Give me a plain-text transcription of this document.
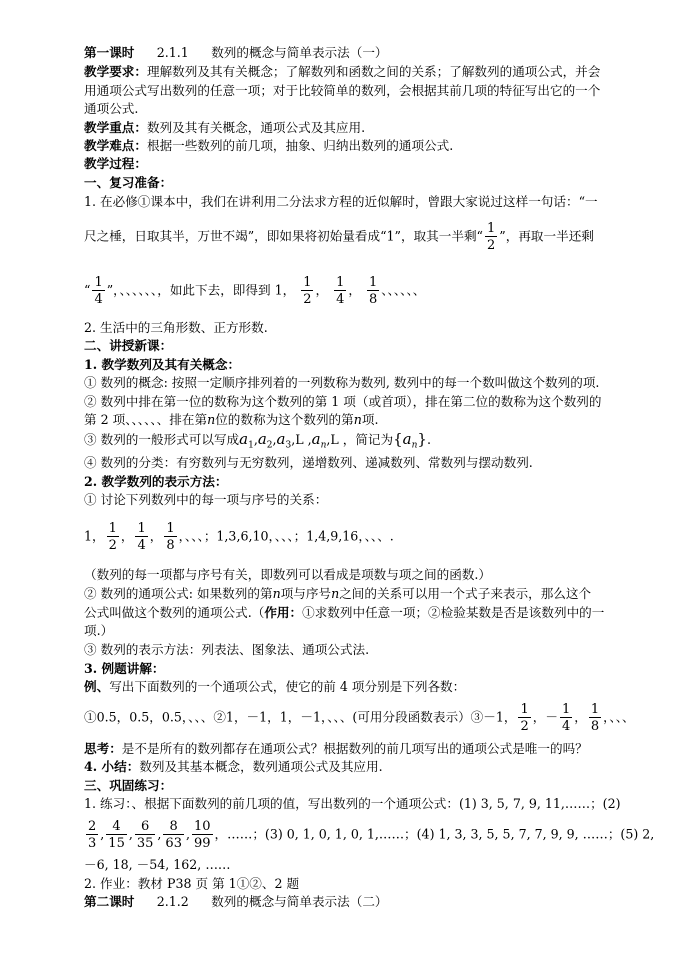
第一课时 2.1.1 数列的概念与简单表示法（一）
教学要求：理解数列及其有关概念；了解数列和函数之间的关系；了解数列的通项公式，并会
用通项公式写出数列的任意一项；对于比较简单的数列，会根据其前几项的特征写出它的一个
通项公式.
教学重点：数列及其有关概念，通项公式及其应用.
教学难点：根据一些数列的前几项，抽象、归纳出数列的通项公式.
教学过程：
一、复习准备：
1. 在必修①课本中，我们在讲利用二分法求方程的近似解时，曾跟大家说过这样一句话：“一
尺之棰，日取其半，万世不竭”，即如果将初始量看成“1”，取其一半剩“ $\frac{1}{2}$ ”，再取一半还剩
“ $\frac{1}{4}$ ”，、、、、、、，如此下去，即得到 1， $\frac{1}{2}$ ， $\frac{1}{4}$ ， $\frac{1}{8}$ 、、、、、、
2. 生活中的三角形数、正方形数.
二、讲授新课：
1. 教学数列及其有关概念：
① 数列的概念: 按照一定顺序排列着的一列数称为数列, 数列中的每一个数叫做这个数列的项.
② 数列中排在第一位的数称为这个数列的第 1 项（或首项），排在第二位的数称为这个数列的
第 2 项、、、、、、排在第n位的数称为这个数列的第n项.
③ 数列的一般形式可以写成$a_1,a_2,a_3,L$ $,a_n,L$ ，简记为$\{a_n\}$.
④ 数列的分类：有穷数列与无穷数列，递增数列、递减数列、常数列与摆动数列.
2. 教学数列的表示方法：
① 讨论下列数列中的每一项与序号的关系：
1， $\frac{1}{2}$ ， $\frac{1}{4}$ ， $\frac{1}{8}$ ，、、、；1,3,6,10，、、、；1,4,9,16，、、、.
（数列的每一项都与序号有关，即数列可以看成是项数与项之间的函数.）
② 数列的通项公式: 如果数列的第n项与序号n之间的关系可以用一个式子来表示，那么这个
公式叫做这个数列的通项公式.（作用：①求数列中任意一项；②检验某数是否是该数列中的一
项.）
③ 数列的表示方法：列表法、图象法、通项公式法.
3. 例题讲解：
例、写出下面数列的一个通项公式，使它的前 4 项分别是下列各数：
①0.5，0.5，0.5，、、、②1，－1，1，－1，、、、(可用分段函数表示）③－1， $\frac{1}{2}$ ，－ $\frac{1}{4}$ ， $\frac{1}{8}$ ，、、、
思考：是不是所有的数列都存在通项公式？根据数列的前几项写出的通项公式是唯一的吗？
4. 小结：数列及其基本概念，数列通项公式及其应用.
三、巩固练习：
1. 练习：、根据下面数列的前几项的值，写出数列的一个通项公式：(1) 3, 5, 7, 9, 11,……；(2)
$\frac{2}{3}$ , $\frac{4}{15}$ , $\frac{6}{35}$ , $\frac{8}{63}$ , $\frac{10}{99}$ ，……；(3) 0, 1, 0, 1, 0, 1,……；(4) 1, 3, 3, 5, 5, 7, 7, 9, 9, ……；(5) 2,
－6, 18, －54, 162, ……
2. 作业：教材 P38 页 第 1①②、2 题
第二课时 2.1.2 数列的概念与简单表示法（二）
